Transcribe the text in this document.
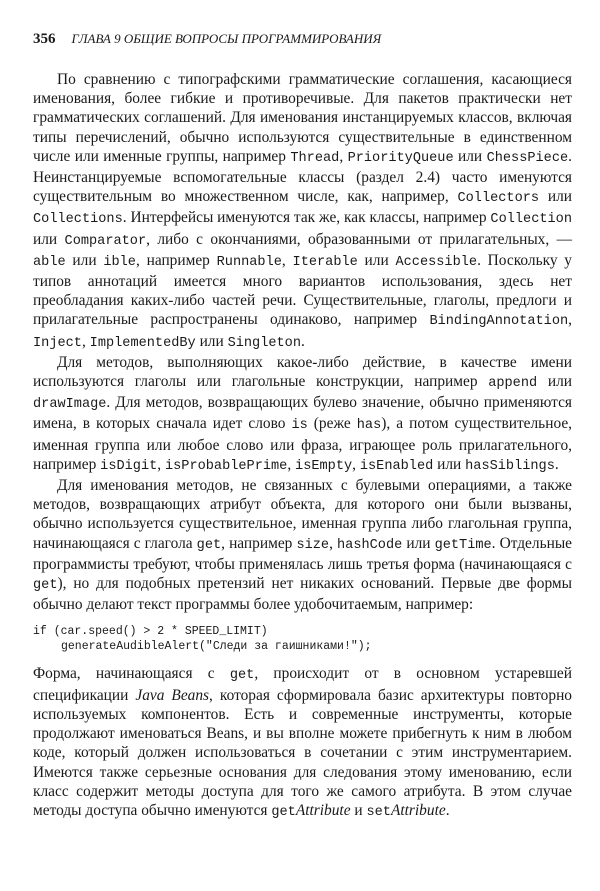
356 ГЛАВА 9 ОБЩИЕ ВОПРОСЫ ПРОГРАММИРОВАНИЯ

По сравнению с типографскими грамматические соглашения, касающиеся именования, более гибкие и противоречивые. Для пакетов практически нет грамматических соглашений. Для именования инстанцируемых классов, включая типы перечислений, обычно используются существительные в единственном числе или именные группы, например Thread, PriorityQueue или ChessPiece. Неинстанцируемые вспомогательные классы (раздел 2.4) часто именуются существительным во множественном числе, как, например, Collectors или Collections. Интерфейсы именуются так же, как классы, например Collection или Comparator, либо с окончаниями, образованными от прилагательных, — able или ible, например Runnable, Iterable или Accessible. Поскольку у типов аннотаций имеется много вариантов использования, здесь нет преобладания каких-либо частей речи. Существительные, глаголы, предлоги и прилагательные распространены одинаково, например BindingAnnotation, Inject, ImplementedBy или Singleton.

Для методов, выполняющих какое-либо действие, в качестве имени используются глаголы или глагольные конструкции, например append или drawImage. Для методов, возвращающих булево значение, обычно применяются имена, в которых сначала идет слово is (реже has), а потом существительное, именная группа или любое слово или фраза, играющее роль прилагательного, например isDigit, isProbablePrime, isEmpty, isEnabled или hasSiblings.

Для именования методов, не связанных с булевыми операциями, а также методов, возвращающих атрибут объекта, для которого они были вызваны, обычно используется существительное, именная группа либо глагольная группа, начинающаяся с глагола get, например size, hashCode или getTime. Отдельные программисты требуют, чтобы применялась лишь третья форма (начинающаяся с get), но для подобных претензий нет никаких оснований. Первые две формы обычно делают текст программы более удобочитаемым, например:

if (car.speed() > 2 * SPEED_LIMIT)
generateAudibleAlert("Следи за гаишниками!");

Форма, начинающаяся с get, происходит от в основном устаревшей спецификации Java Beans, которая сформировала базис архитектуры повторно используемых компонентов. Есть и современные инструменты, которые продолжают именоваться Beans, и вы вполне можете прибегнуть к ним в любом коде, который должен использоваться в сочетании с этим инструментарием. Имеются также серьезные основания для следования этому именованию, если класс содержит методы доступа для того же самого атрибута. В этом случае методы доступа обычно именуются getAttribute и setAttribute.
